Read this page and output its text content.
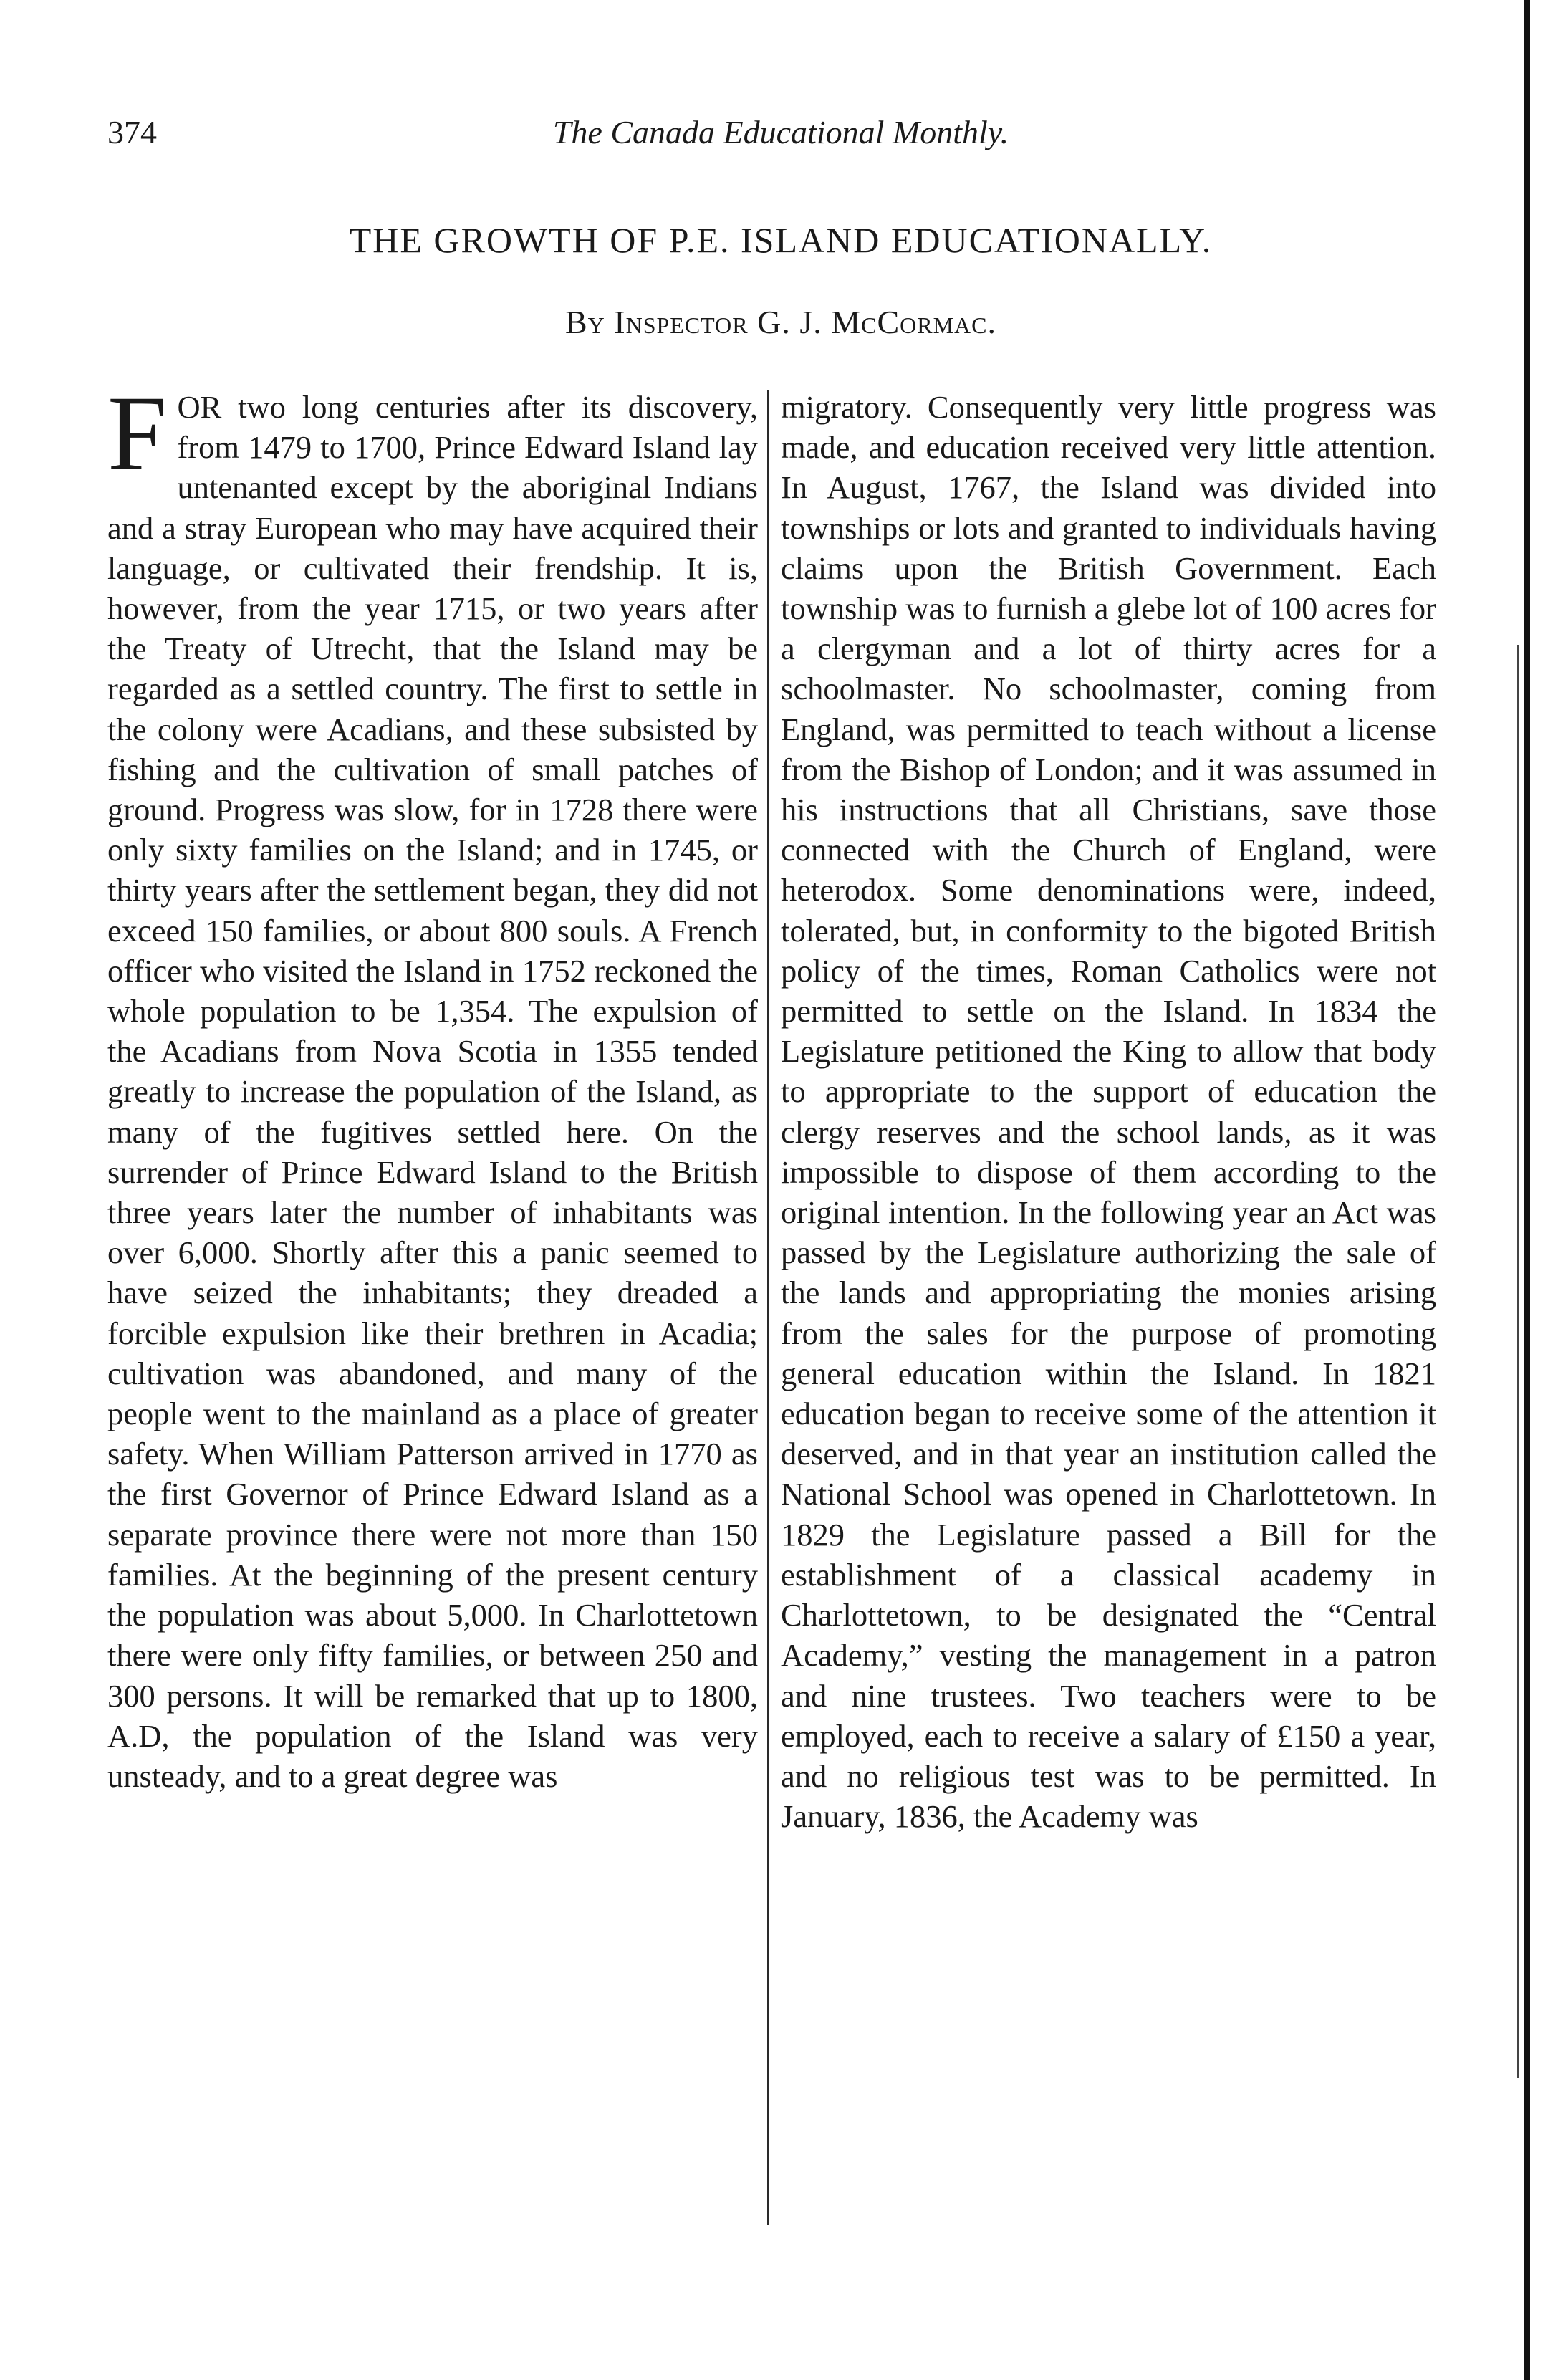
374	The Canada Educational Monthly.
THE GROWTH OF P.E. ISLAND EDUCATIONALLY.
By Inspector G. J. McCormac.

FOR two long centuries after its discovery, from 1479 to 1700, Prince Edward Island lay untenanted except by the aboriginal Indians and a stray European who may have acquired their language, or cultivated their frendship. It is, however, from the year 1715, or two years after the Treaty of Utrecht, that the Island may be regarded as a settled country. The first to settle in the colony were Acadians, and these subsisted by fishing and the cultivation of small patches of ground. Progress was slow, for in 1728 there were only sixty families on the Island; and in 1745, or thirty years after the settlement began, they did not exceed 150 families, or about 800 souls. A French officer who visited the Island in 1752 reckoned the whole population to be 1,354. The expulsion of the Acadians from Nova Scotia in 1355 tended greatly to increase the population of the Island, as many of the fugitives settled here. On the surrender of Prince Edward Island to the British three years later the number of inhabitants was over 6,000. Shortly after this a panic seemed to have seized the inhabitants; they dreaded a forcible expulsion like their brethren in Acadia; cultivation was abandoned, and many of the people went to the mainland as a place of greater safety. When William Patterson arrived in 1770 as the first Governor of Prince Edward Island as a separate province there were not more than 150 families. At the beginning of the present century the population was about 5,000. In Charlottetown there were only fifty families, or between 250 and 300 persons. It will be remarked that up to 1800, A.D, the population of the Island was very unsteady, and to a great degree was

migratory. Consequently very little progress was made, and education received very little attention. In August, 1767, the Island was divided into townships or lots and granted to individuals having claims upon the British Government. Each township was to furnish a glebe lot of 100 acres for a clergyman and a lot of thirty acres for a schoolmaster. No schoolmaster, coming from England, was permitted to teach without a license from the Bishop of London; and it was assumed in his instructions that all Christians, save those connected with the Church of England, were heterodox. Some denominations were, indeed, tolerated, but, in conformity to the bigoted British policy of the times, Roman Catholics were not permitted to settle on the Island. In 1834 the Legislature petitioned the King to allow that body to appropriate to the support of education the clergy reserves and the school lands, as it was impossible to dispose of them according to the original intention. In the following year an Act was passed by the Legislature authorizing the sale of the lands and appropriating the monies arising from the sales for the purpose of promoting general education within the Island. In 1821 education began to receive some of the attention it deserved, and in that year an institution called the National School was opened in Charlottetown. In 1829 the Legislature passed a Bill for the establishment of a classical academy in Charlottetown, to be designated the “Central Academy,” vesting the management in a patron and nine trustees. Two teachers were to be employed, each to receive a salary of £150 a year, and no religious test was to be permitted. In January, 1836, the Academy was
